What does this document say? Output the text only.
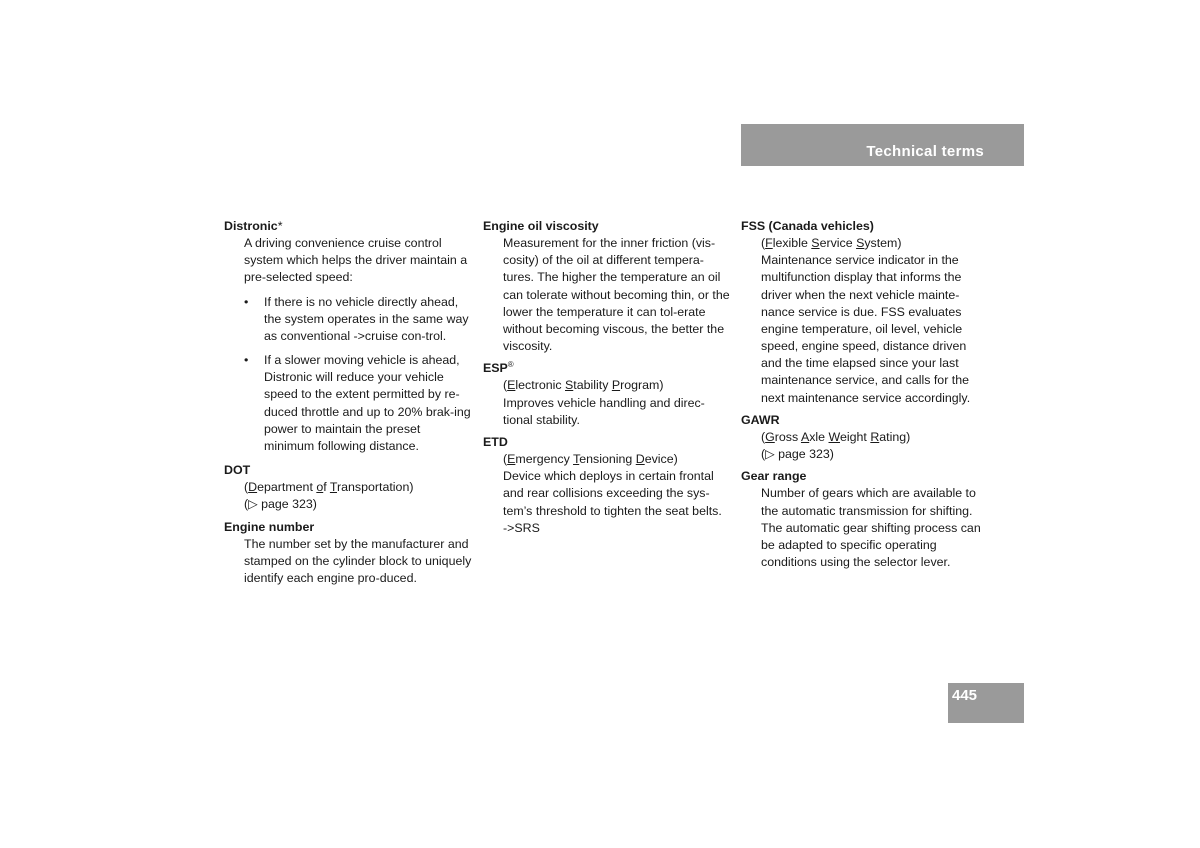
Technical terms
Distronic*
A driving convenience cruise control system which helps the driver maintain a pre-selected speed:
• If there is no vehicle directly ahead, the system operates in the same way as conventional ->cruise con-trol.
• If a slower moving vehicle is ahead, Distronic will reduce your vehicle speed to the extent permitted by re-duced throttle and up to 20% brak-ing power to maintain the preset minimum following distance.
DOT
(Department of Transportation)
(▷ page 323)
Engine number
The number set by the manufacturer and stamped on the cylinder block to uniquely identify each engine pro-duced.
Engine oil viscosity
Measurement for the inner friction (vis-cosity) of the oil at different tempera-tures. The higher the temperature an oil can tolerate without becoming thin, or the lower the temperature it can tol-erate without becoming viscous, the better the viscosity.
ESP®
(Electronic Stability Program)
Improves vehicle handling and direc-tional stability.
ETD
(Emergency Tensioning Device)
Device which deploys in certain frontal and rear collisions exceeding the sys-tem’s threshold to tighten the seat belts.
->SRS
FSS (Canada vehicles)
(Flexible Service System)
Maintenance service indicator in the multifunction display that informs the driver when the next vehicle mainte-nance service is due. FSS evaluates engine temperature, oil level, vehicle speed, engine speed, distance driven and the time elapsed since your last maintenance service, and calls for the next maintenance service accordingly.
GAWR
(Gross Axle Weight Rating)
(▷ page 323)
Gear range
Number of gears which are available to the automatic transmission for shifting. The automatic gear shifting process can be adapted to specific operating conditions using the selector lever.
445
